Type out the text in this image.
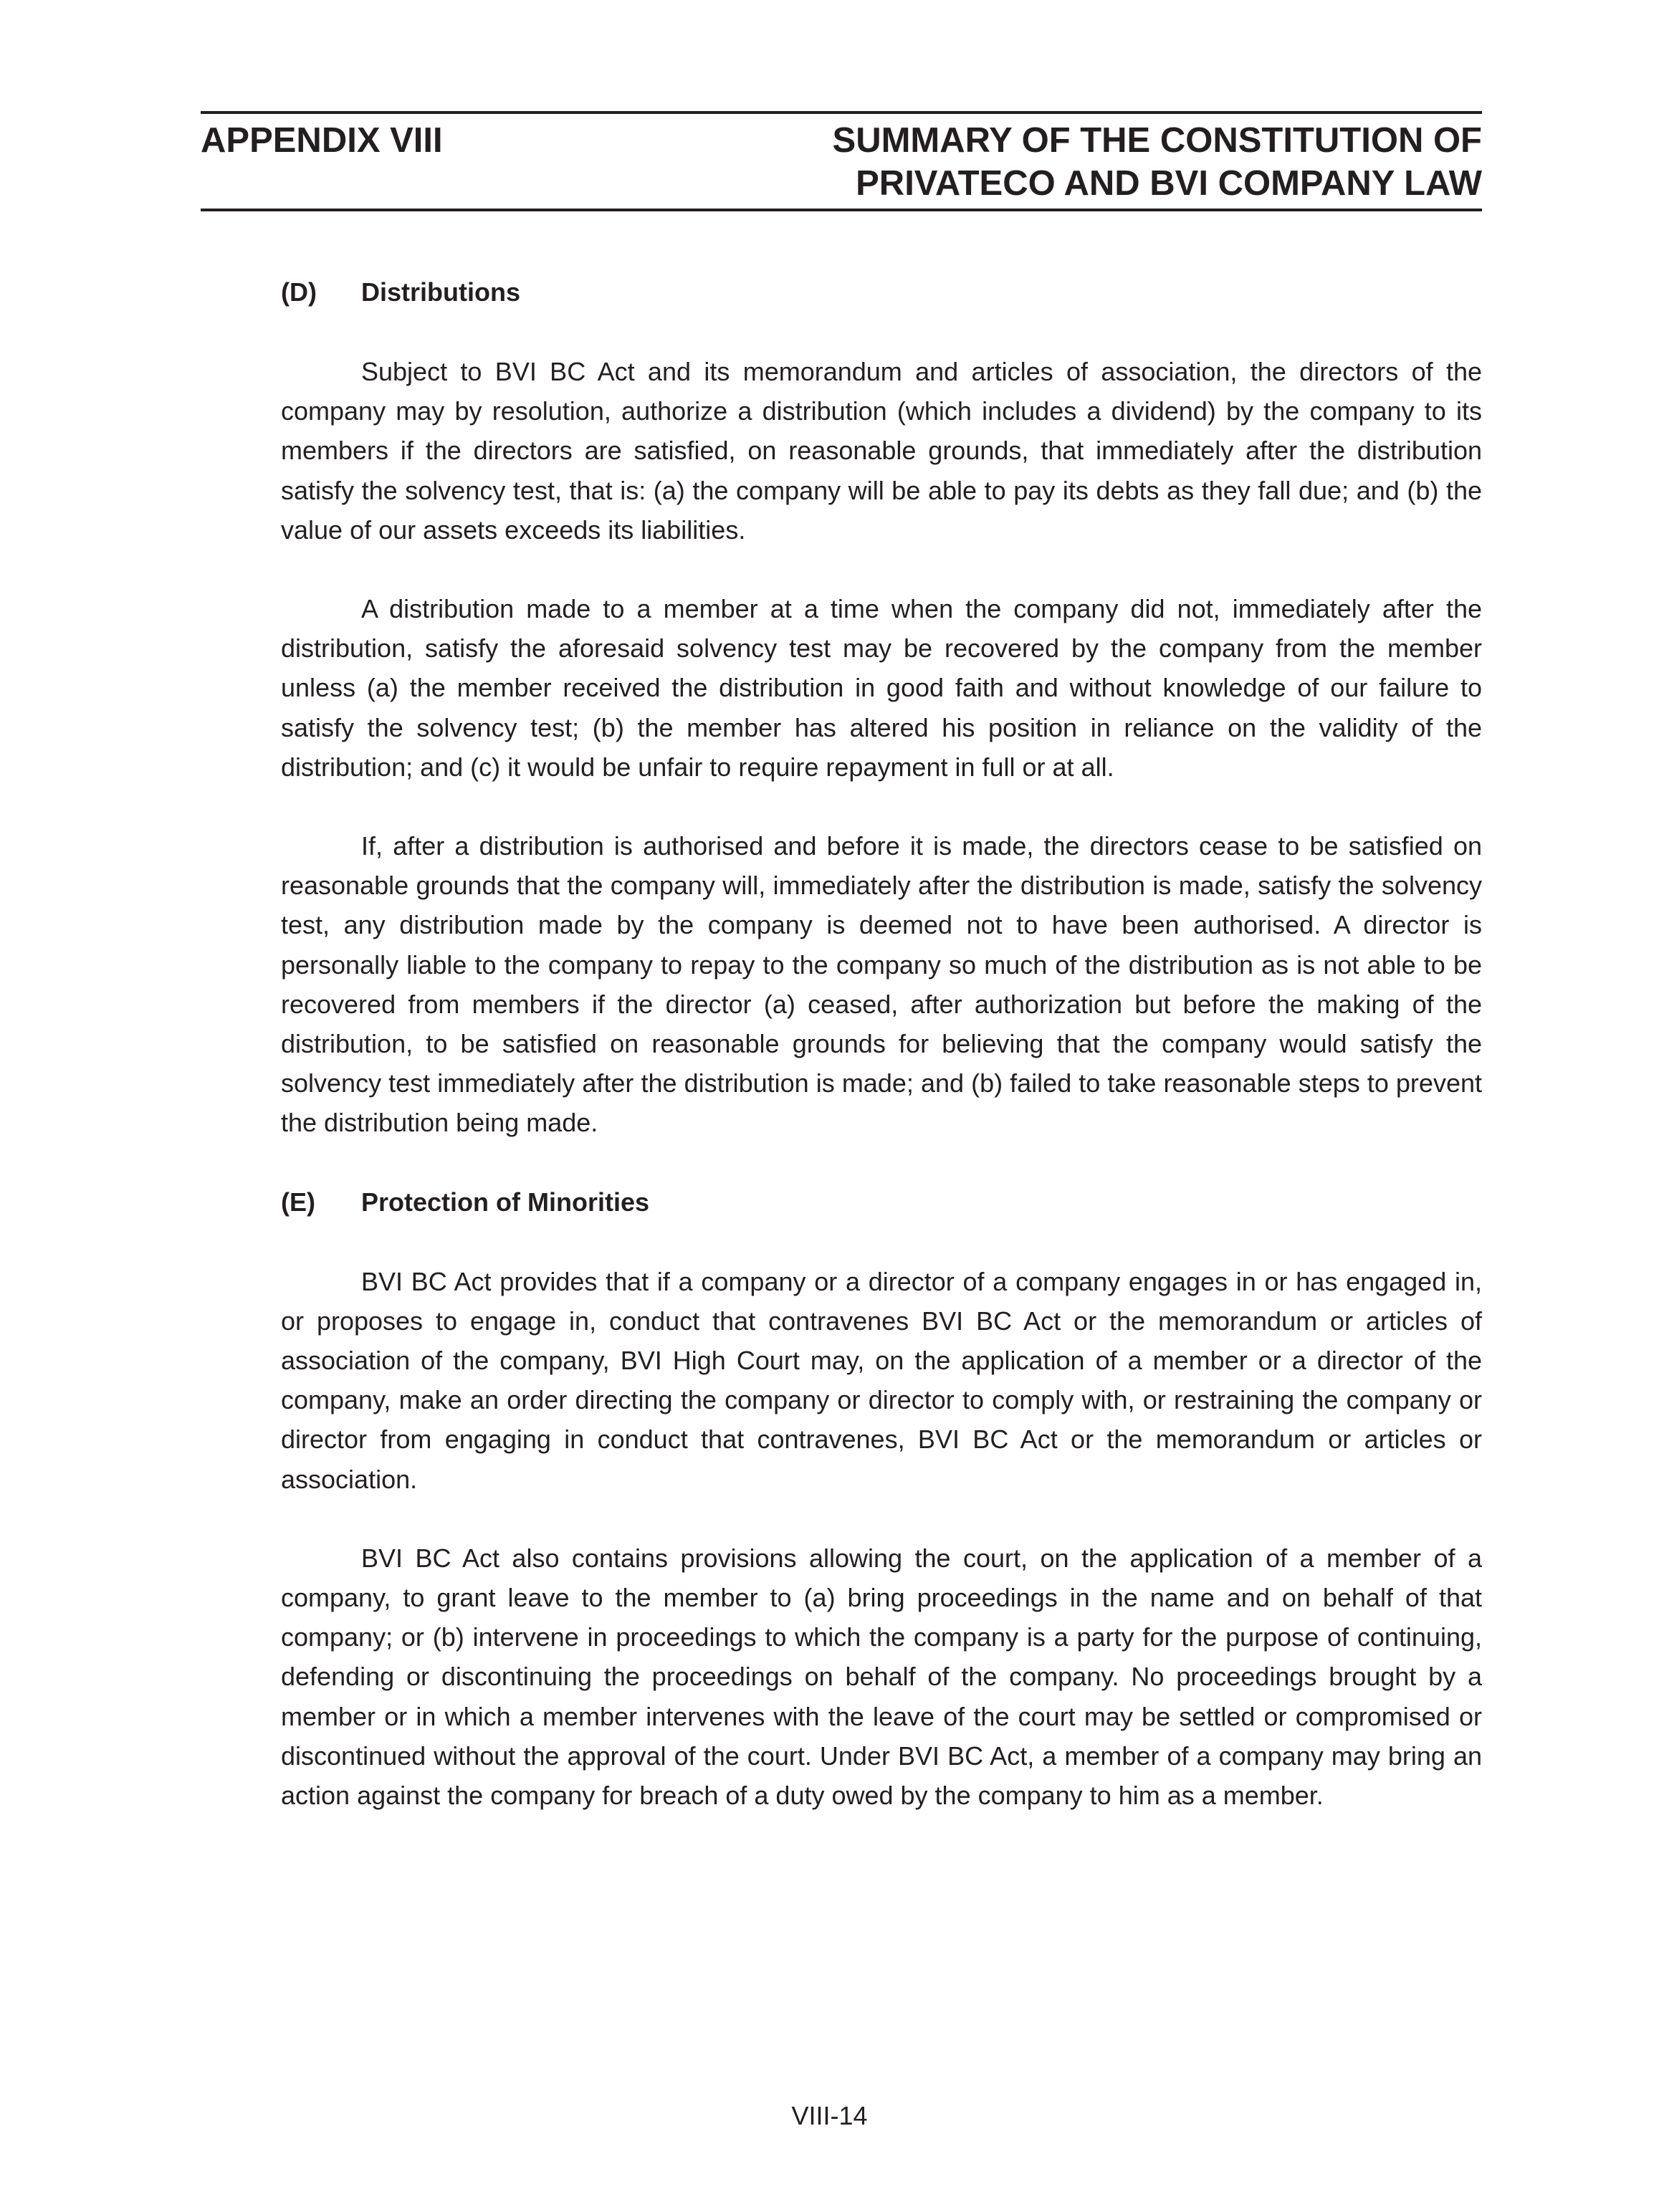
APPENDIX VIII	SUMMARY OF THE CONSTITUTION OF
PRIVATECO AND BVI COMPANY LAW
(D)	Distributions

Subject to BVI BC Act and its memorandum and articles of association, the directors of the company may by resolution, authorize a distribution (which includes a dividend) by the company to its members if the directors are satisfied, on reasonable grounds, that immediately after the distribution satisfy the solvency test, that is: (a) the company will be able to pay its debts as they fall due; and (b) the value of our assets exceeds its liabilities.

A distribution made to a member at a time when the company did not, immediately after the distribution, satisfy the aforesaid solvency test may be recovered by the company from the member unless (a) the member received the distribution in good faith and without knowledge of our failure to satisfy the solvency test; (b) the member has altered his position in reliance on the validity of the distribution; and (c) it would be unfair to require repayment in full or at all.

If, after a distribution is authorised and before it is made, the directors cease to be satisfied on reasonable grounds that the company will, immediately after the distribution is made, satisfy the solvency test, any distribution made by the company is deemed not to have been authorised. A director is personally liable to the company to repay to the company so much of the distribution as is not able to be recovered from members if the director (a) ceased, after authorization but before the making of the distribution, to be satisfied on reasonable grounds for believing that the company would satisfy the solvency test immediately after the distribution is made; and (b) failed to take reasonable steps to prevent the distribution being made.

(E)	Protection of Minorities

BVI BC Act provides that if a company or a director of a company engages in or has engaged in, or proposes to engage in, conduct that contravenes BVI BC Act or the memorandum or articles of association of the company, BVI High Court may, on the application of a member or a director of the company, make an order directing the company or director to comply with, or restraining the company or director from engaging in conduct that contravenes, BVI BC Act or the memorandum or articles or association.

BVI BC Act also contains provisions allowing the court, on the application of a member of a company, to grant leave to the member to (a) bring proceedings in the name and on behalf of that company; or (b) intervene in proceedings to which the company is a party for the purpose of continuing, defending or discontinuing the proceedings on behalf of the company. No proceedings brought by a member or in which a member intervenes with the leave of the court may be settled or compromised or discontinued without the approval of the court. Under BVI BC Act, a member of a company may bring an action against the company for breach of a duty owed by the company to him as a member.

VIII-14
